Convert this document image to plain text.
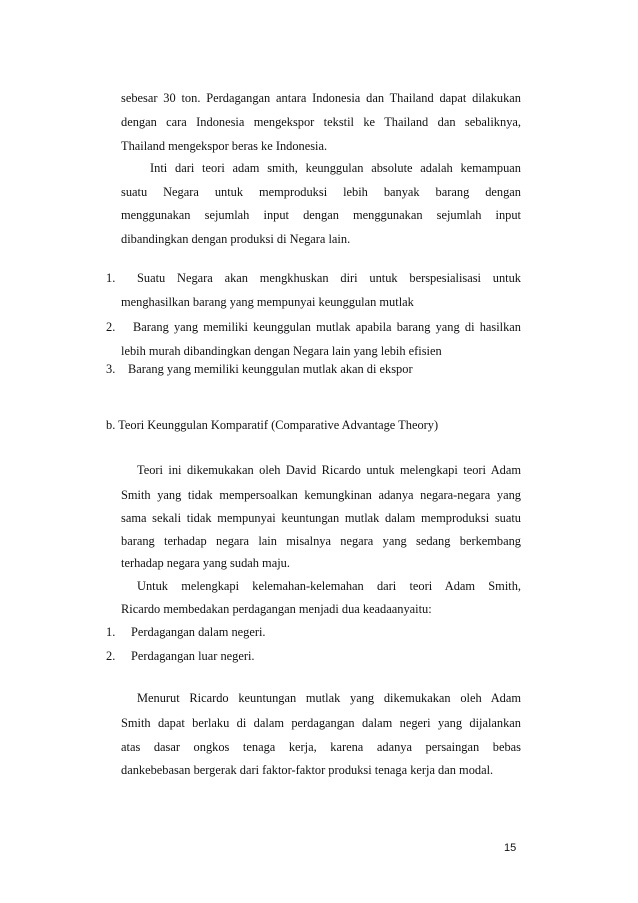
sebesar 30 ton. Perdagangan antara Indonesia dan Thailand dapat dilakukan
dengan cara Indonesia mengekspor tekstil ke Thailand dan sebaliknya,
Thailand mengekspor beras ke Indonesia.
Inti dari teori adam smith, keunggulan absolute adalah kemampuan
suatu Negara untuk memproduksi lebih banyak barang dengan
menggunakan sejumlah input dengan menggunakan sejumlah input
dibandingkan dengan produksi di Negara lain.
1. Suatu Negara akan mengkhuskan diri untuk berspesialisasi untuk
menghasilkan barang yang mempunyai keunggulan mutlak
2. Barang yang memiliki keunggulan mutlak apabila barang yang di hasilkan
lebih murah dibandingkan dengan Negara lain yang lebih efisien
3. Barang yang memiliki keunggulan mutlak akan di ekspor
b. Teori Keunggulan Komparatif (Comparative Advantage Theory)
Teori ini dikemukakan oleh David Ricardo untuk melengkapi teori Adam
Smith yang tidak mempersoalkan kemungkinan adanya negara-negara yang
sama sekali tidak mempunyai keuntungan mutlak dalam memproduksi suatu
barang terhadap negara lain misalnya negara yang sedang berkembang
terhadap negara yang sudah maju.
Untuk melengkapi kelemahan-kelemahan dari teori Adam Smith,
Ricardo membedakan perdagangan menjadi dua keadaanyaitu:
1. Perdagangan dalam negeri.
2. Perdagangan luar negeri.
Menurut Ricardo keuntungan mutlak yang dikemukakan oleh Adam
Smith dapat berlaku di dalam perdagangan dalam negeri yang dijalankan
atas dasar ongkos tenaga kerja, karena adanya persaingan bebas
dankebebasan bergerak dari faktor-faktor produksi tenaga kerja dan modal.
15
